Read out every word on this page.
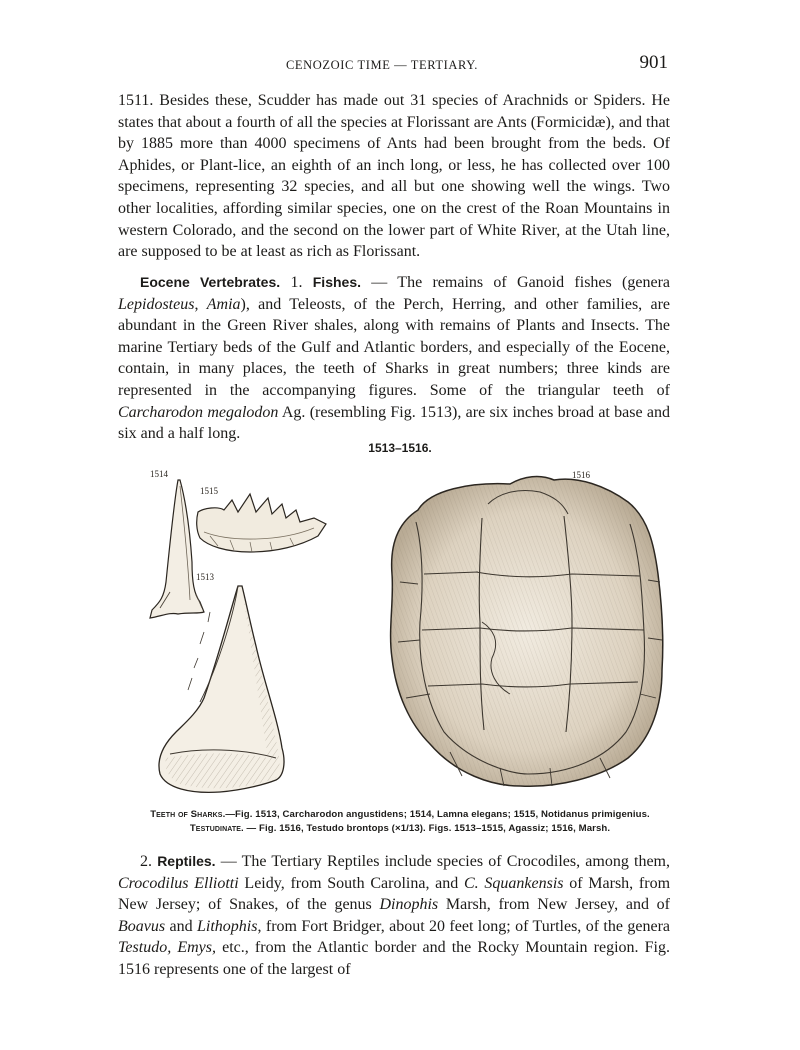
CENOZOIC TIME — TERTIARY.	901

1511. Besides these, Scudder has made out 31 species of Arachnids or Spiders. He states that about a fourth of all the species at Florissant are Ants (Formicidæ), and that by 1885 more than 4000 specimens of Ants had been brought from the beds. Of Aphides, or Plant-lice, an eighth of an inch long, or less, he has collected over 100 specimens, representing 32 species, and all but one showing well the wings. Two other localities, affording similar species, one on the crest of the Roan Mountains in western Colorado, and the second on the lower part of White River, at the Utah line, are supposed to be at least as rich as Florissant.

Eocene Vertebrates. 1. Fishes. — The remains of Ganoid fishes (genera Lepidosteus, Amia), and Teleosts, of the Perch, Herring, and other families, are abundant in the Green River shales, along with remains of Plants and Insects. The marine Tertiary beds of the Gulf and Atlantic borders, and especially of the Eocene, contain, in many places, the teeth of Sharks in great numbers; three kinds are represented in the accompanying figures. Some of the triangular teeth of Carcharodon megalodon Ag. (resembling Fig. 1513), are six inches broad at base and six and a half long.

1513–1516.
1514
1515
1513
1516

Teeth of Sharks.—Fig. 1513, Carcharodon angustidens; 1514, Lamna elegans; 1515, Notidanus primigenius.

Testudinate. — Fig. 1516, Testudo brontops (×1/13). Figs. 1513–1515, Agassiz; 1516, Marsh.

2. Reptiles. — The Tertiary Reptiles include species of Crocodiles, among them, Crocodilus Elliotti Leidy, from South Carolina, and C. Squankensis of Marsh, from New Jersey; of Snakes, of the genus Dinophis Marsh, from New Jersey, and of Boavus and Lithophis, from Fort Bridger, about 20 feet long; of Turtles, of the genera Testudo, Emys, etc., from the Atlantic border and the Rocky Mountain region. Fig. 1516 represents one of the largest of
